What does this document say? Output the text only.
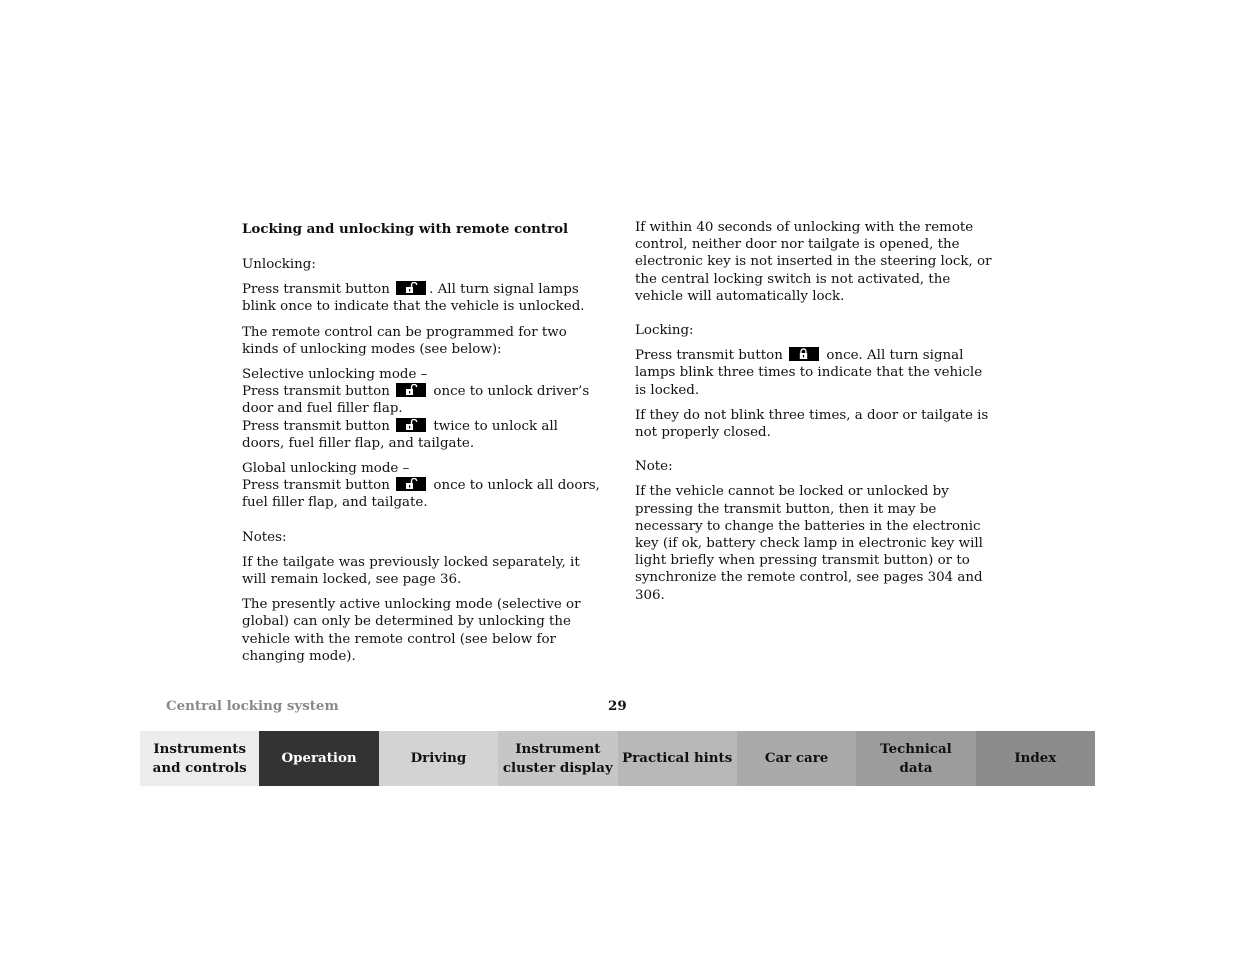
Locking and unlocking with remote control

Unlocking:

Press transmit button	. All turn signal lamps blink once to indicate that the vehicle is unlocked.

The remote control can be programmed for two kinds of unlocking modes (see below):

Selective unlocking mode –
Press transmit button	once to unlock driver’s door and fuel filler flap.
Press transmit button	twice to unlock all doors, fuel filler flap, and tailgate.

Global unlocking mode –
Press transmit button	once to unlock all doors, fuel filler flap, and tailgate.

Notes:

If the tailgate was previously locked separately, it will remain locked, see page 36.

The presently active unlocking mode (selective or global) can only be determined by unlocking the vehicle with the remote control (see below for changing mode).

If within 40 seconds of unlocking with the remote control, neither door nor tailgate is opened, the electronic key is not inserted in the steering lock, or the central locking switch is not activated, the vehicle will automatically lock.

Locking:

Press transmit button	once. All turn signal lamps blink three times to indicate that the vehicle is locked.

If they do not blink three times, a door or tailgate is not properly closed.

Note:

If the vehicle cannot be locked or unlocked by pressing the transmit button, then it may be necessary to change the batteries in the electronic key (if ok, battery check lamp in electronic key will light briefly when pressing transmit button) or to synchronize the remote control, see pages 304 and 306.

Central locking system	29
Instruments
and controls
Operation	Driving
Instrument
cluster display
Practical hints	Car care
Technical
data
Index
